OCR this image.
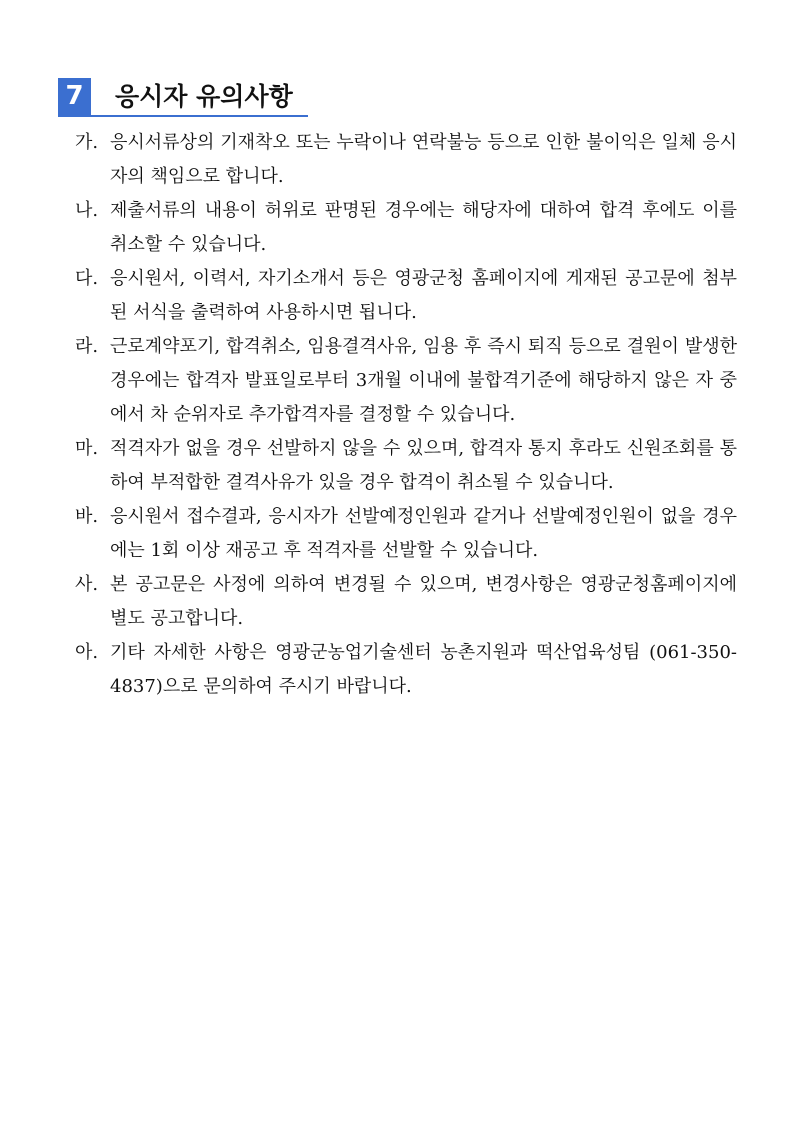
7 응시자 유의사항
가. 응시서류상의 기재착오 또는 누락이나 연락불능 등으로 인한 불이익은 일체 응시자의 책임으로 합니다.
나. 제출서류의 내용이 허위로 판명된 경우에는 해당자에 대하여 합격 후에도 이를 취소할 수 있습니다.
다. 응시원서, 이력서, 자기소개서 등은 영광군청 홈페이지에 게재된 공고문에 첨부된 서식을 출력하여 사용하시면 됩니다.
라. 근로계약포기, 합격취소, 임용결격사유, 임용 후 즉시 퇴직 등으로 결원이 발생한 경우에는 합격자 발표일로부터 3개월 이내에 불합격기준에 해당하지 않은 자 중에서 차 순위자로 추가합격자를 결정할 수 있습니다.
마. 적격자가 없을 경우 선발하지 않을 수 있으며, 합격자 통지 후라도 신원조회를 통하여 부적합한 결격사유가 있을 경우 합격이 취소될 수 있습니다.
바. 응시원서 접수결과, 응시자가 선발예정인원과 같거나 선발예정인원이 없을 경우에는 1회 이상 재공고 후 적격자를 선발할 수 있습니다.
사. 본 공고문은 사정에 의하여 변경될 수 있으며, 변경사항은 영광군청홈페이지에 별도 공고합니다.
아. 기타 자세한 사항은 영광군농업기술센터 농촌지원과 떡산업육성팀 (061-350-4837)으로 문의하여 주시기 바랍니다.
